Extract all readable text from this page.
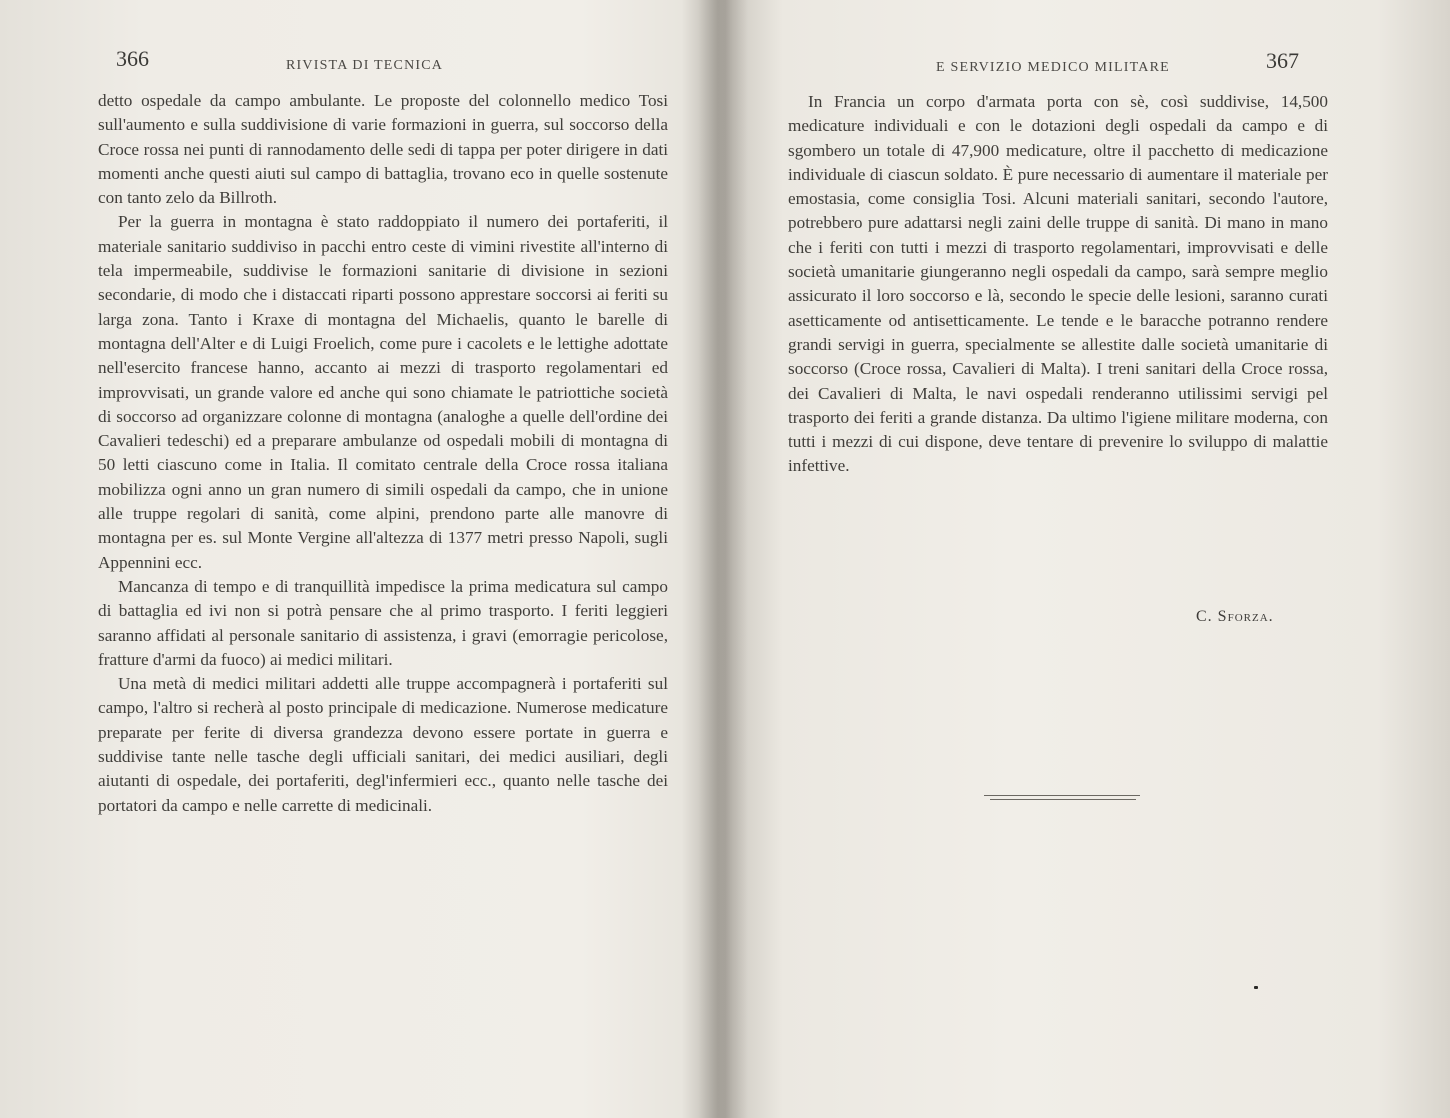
366	RIVISTA DI TECNICA

detto ospedale da campo ambulante. Le proposte del colonnello medico Tosi sull'aumento e sulla suddivisione di varie formazioni in guerra, sul soccorso della Croce rossa nei punti di rannodamento delle sedi di tappa per poter dirigere in dati momenti anche questi aiuti sul campo di battaglia, trovano eco in quelle sostenute con tanto zelo da Billroth.

Per la guerra in montagna è stato raddoppiato il numero dei portaferiti, il materiale sanitario suddiviso in pacchi entro ceste di vimini rivestite all'interno di tela impermeabile, suddivise le formazioni sanitarie di divisione in sezioni secondarie, di modo che i distaccati riparti possono apprestare soccorsi ai feriti su larga zona. Tanto i Kraxe di montagna del Michaelis, quanto le barelle di montagna dell'Alter e di Luigi Froelich, come pure i cacolets e le lettighe adottate nell'esercito francese hanno, accanto ai mezzi di trasporto regolamentari ed improvvisati, un grande valore ed anche qui sono chiamate le patriottiche società di soccorso ad organizzare colonne di montagna (analoghe a quelle dell'ordine dei Cavalieri tedeschi) ed a preparare ambulanze od ospedali mobili di montagna di 50 letti ciascuno come in Italia. Il comitato centrale della Croce rossa italiana mobilizza ogni anno un gran numero di simili ospedali da campo, che in unione alle truppe regolari di sanità, come alpini, prendono parte alle manovre di montagna per es. sul Monte Vergine all'altezza di 1377 metri presso Napoli, sugli Appennini ecc.

Mancanza di tempo e di tranquillità impedisce la prima medicatura sul campo di battaglia ed ivi non si potrà pensare che al primo trasporto. I feriti leggieri saranno affidati al personale sanitario di assistenza, i gravi (emorragie pericolose, fratture d'armi da fuoco) ai medici militari.

Una metà di medici militari addetti alle truppe accompagnerà i portaferiti sul campo, l'altro si recherà al posto principale di medicazione. Numerose medicature preparate per ferite di diversa grandezza devono essere portate in guerra e suddivise tante nelle tasche degli ufficiali sanitari, dei medici ausiliari, degli aiutanti di ospedale, dei portaferiti, degl'infermieri ecc., quanto nelle tasche dei portatori da campo e nelle carrette di medicinali.

E SERVIZIO MEDICO MILITARE	367

In Francia un corpo d'armata porta con sè, così suddivise, 14,500 medicature individuali e con le dotazioni degli ospedali da campo e di sgombero un totale di 47,900 medicature, oltre il pacchetto di medicazione individuale di ciascun soldato. È pure necessario di aumentare il materiale per emostasia, come consiglia Tosi. Alcuni materiali sanitari, secondo l'autore, potrebbero pure adattarsi negli zaini delle truppe di sanità. Di mano in mano che i feriti con tutti i mezzi di trasporto regolamentari, improvvisati e delle società umanitarie giungeranno negli ospedali da campo, sarà sempre meglio assicurato il loro soccorso e là, secondo le specie delle lesioni, saranno curati asetticamente od antisetticamente. Le tende e le baracche potranno rendere grandi servigi in guerra, specialmente se allestite dalle società umanitarie di soccorso (Croce rossa, Cavalieri di Malta). I treni sanitari della Croce rossa, dei Cavalieri di Malta, le navi ospedali renderanno utilissimi servigi pel trasporto dei feriti a grande distanza. Da ultimo l'igiene militare moderna, con tutti i mezzi di cui dispone, deve tentare di prevenire lo sviluppo di malattie infettive.

C. Sforza.
